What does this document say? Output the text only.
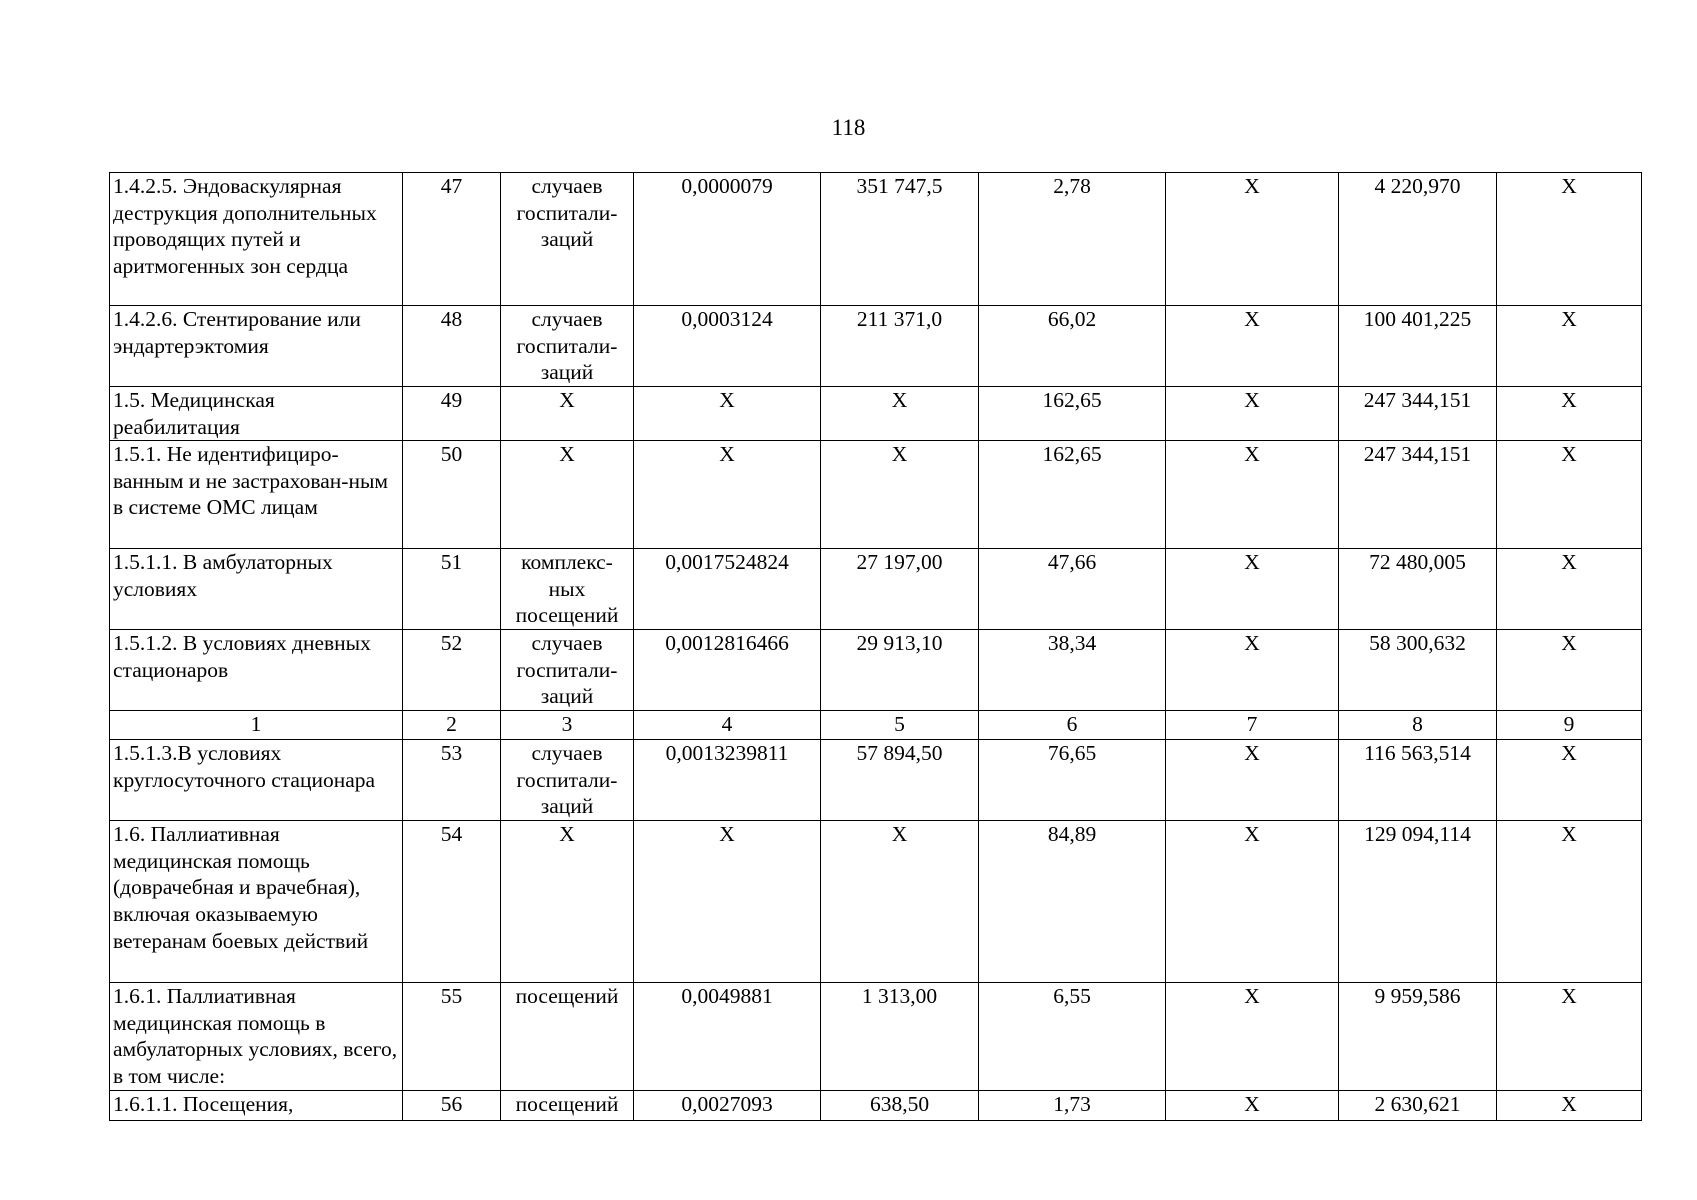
118
1.4.2.5. Эндоваскулярная деструкция дополнительных проводящих путей и аритмогенных зон сердца	47	случаев госпитали-заций	0,0000079	351 747,5	2,78	X	4 220,970	X
1.4.2.6. Стентирование или эндартерэктомия	48	случаев госпитали-заций	0,0003124	211 371,0	66,02	X	100 401,225	X
1.5. Медицинская реабилитация	49	X	X	X	162,65	X	247 344,151	X
1.5.1. Не идентифициро-ванным и не застрахован-ным в системе ОМС лицам	50	X	X	X	162,65	X	247 344,151	X
1.5.1.1. В амбулаторных условиях	51	комплекс-ных посещений	0,0017524824	27 197,00	47,66	X	72 480,005	X
1.5.1.2. В условиях дневных стационаров	52	случаев госпитали-заций	0,0012816466	29 913,10	38,34	X	58 300,632	X
1	2	3	4	5	6	7	8	9
1.5.1.3.В условиях круглосуточного стационара	53	случаев госпитали-заций	0,0013239811	57 894,50	76,65	X	116 563,514	X
1.6. Паллиативная медицинская помощь (доврачебная и врачебная), включая оказываемую ветеранам боевых действий	54	X	X	X	84,89	X	129 094,114	X
1.6.1. Паллиативная медицинская помощь в амбулаторных условиях, всего, в том числе:	55	посещений	0,0049881	1 313,00	6,55	X	9 959,586	X
1.6.1.1. Посещения,	56	посещений	0,0027093	638,50	1,73	X	2 630,621	X
